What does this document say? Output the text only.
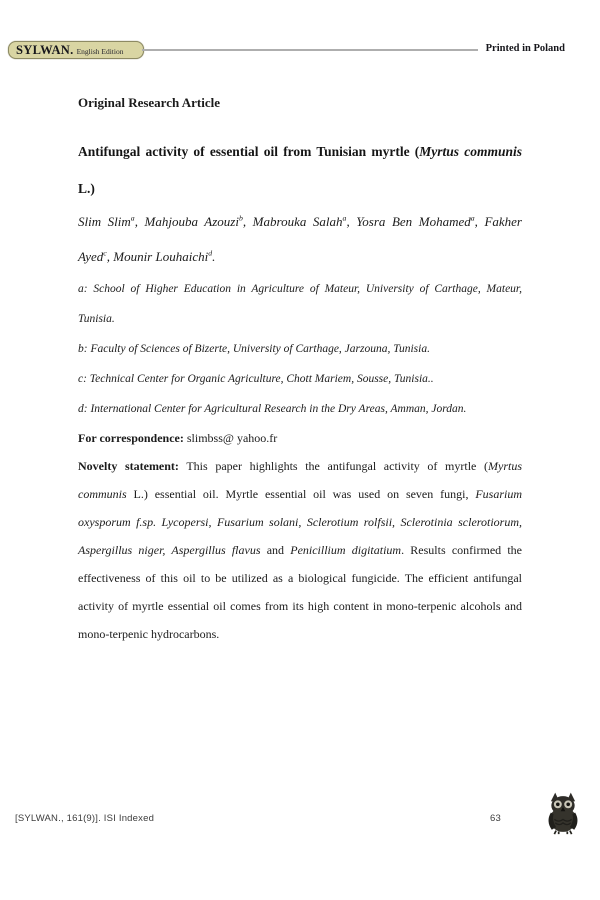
SYLWAN. English Edition	Printed in Poland

Original Research Article

Antifungal activity of essential oil from Tunisian myrtle (Myrtus communis L.)

Slim Slim$^a$, Mahjouba Azouzi$^b$, Mabrouka Salah$^a$, Yosra Ben Mohamed$^a$, Fakher Ayed$^c$, Mounir Louhaichi$^d$.

a: School of Higher Education in Agriculture of Mateur, University of Carthage, Mateur, Tunisia.

b: Faculty of Sciences of Bizerte, University of Carthage, Jarzouna, Tunisia.

c: Technical Center for Organic Agriculture, Chott Mariem, Sousse, Tunisia..

d: International Center for Agricultural Research in the Dry Areas, Amman, Jordan.

For correspondence: slimbss@ yahoo.fr

Novelty statement: This paper highlights the antifungal activity of myrtle (Myrtus communis L.) essential oil. Myrtle essential oil was used on seven fungi, Fusarium oxysporum f.sp. Lycopersi, Fusarium solani, Sclerotium rolfsii, Sclerotinia sclerotiorum, Aspergillus niger, Aspergillus flavus and Penicillium digitatium. Results confirmed the effectiveness of this oil to be utilized as a biological fungicide. The efficient antifungal activity of myrtle essential oil comes from its high content in mono-terpenic alcohols and mono-terpenic hydrocarbons.

[SYLWAN., 161(9)]. ISI Indexed	63
